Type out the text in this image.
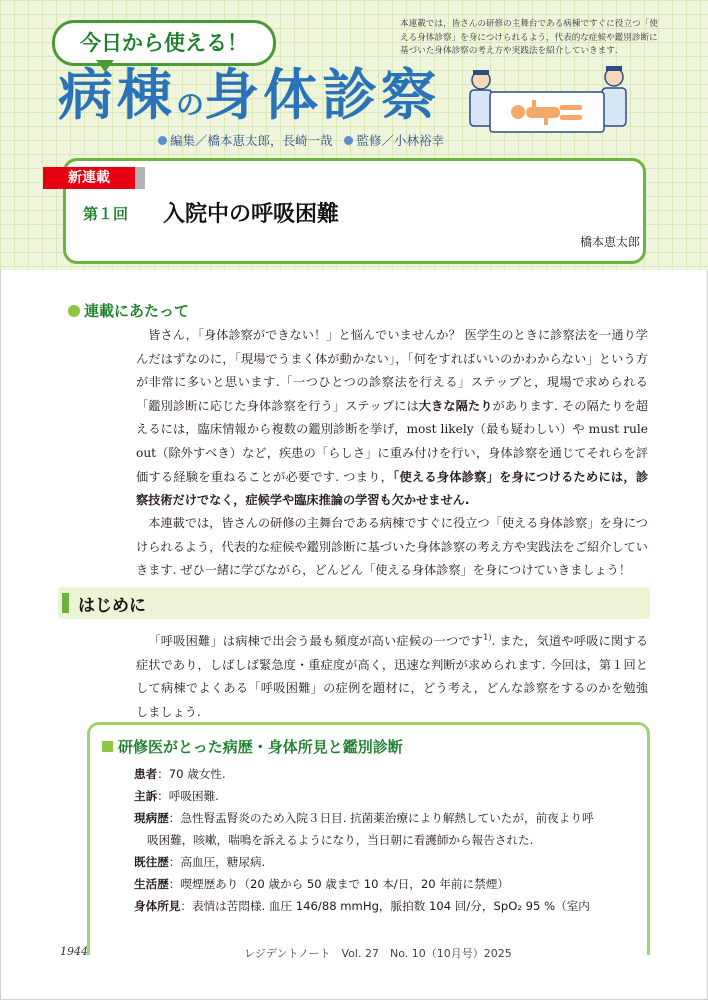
今日から使える！
病棟の身体診察
編集／橋本恵太郎，長崎一哉 監修／小林裕幸
本連載では，皆さんの研修の主舞台である病棟ですぐに役立つ「使える身体診察」を身につけられるよう，代表的な症候や鑑別診断に基づいた身体診察の考え方や実践法を紹介していきます.
新連載
第１回 入院中の呼吸困難
橋本恵太郎
連載にあたって
皆さん，「身体診察ができない！」と悩んでいませんか？ 医学生のときに診察法を一通り学んだはずなのに，「現場でうまく体が動かない」，「何をすればいいのかわからない」という方が非常に多いと思います.「一つひとつの診察法を行える」ステップと，現場で求められる「鑑別診断に応じた身体診察を行う」ステップには大きな隔たりがあります. その隔たりを超えるには，臨床情報から複数の鑑別診断を挙げ，most likely（最も疑わしい）や must rule out（除外すべき）など，疾患の「らしさ」に重み付けを行い，身体診察を通じてそれらを評価する経験を重ねることが必要です. つまり，「使える身体診察」を身につけるためには，診察技術だけでなく，症候学や臨床推論の学習も欠かせません.
本連載では，皆さんの研修の主舞台である病棟ですぐに役立つ「使える身体診察」を身につけられるよう，代表的な症候や鑑別診断に基づいた身体診察の考え方や実践法をご紹介していきます. ぜひ一緒に学びながら，どんどん「使える身体診察」を身につけていきましょう！
はじめに
「呼吸困難」は病棟で出会う最も頻度が高い症候の一つです$^{1)}$. また，気道や呼吸に関する症状であり，しばしば緊急度・重症度が高く，迅速な判断が求められます. 今回は，第１回として病棟でよくある「呼吸困難」の症例を題材に，どう考え，どんな診察をするのかを勉強しましょう.
研修医がとった病歴・身体所見と鑑別診断
患者：70 歳女性.
主訴：呼吸困難.
現病歴：急性腎盂腎炎のため入院３日目. 抗菌薬治療により解熱していたが，前夜より呼
吸困難，咳嗽，喘鳴を訴えるようになり，当日朝に看護師から報告された.
既往歴：高血圧，糖尿病.
生活歴：喫煙歴あり（20 歳から 50 歳まで 10 本/日，20 年前に禁煙）
身体所見：表情は苦悶様. 血圧 146/88 mmHg，脈拍数 104 回/分，SpO₂ 95 %（室内
1944	レジデントノート　Vol. 27　No. 10（10月号）2025
